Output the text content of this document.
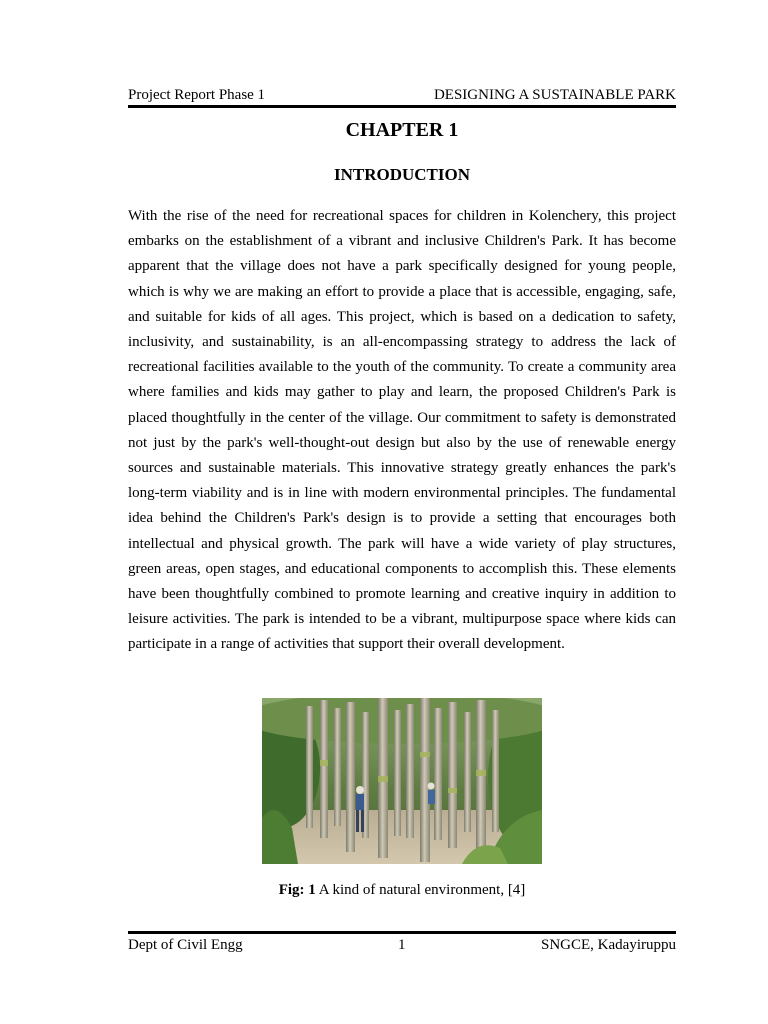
Project Report Phase 1	DESIGNING A SUSTAINABLE PARK
CHAPTER 1
INTRODUCTION
With the rise of the need for recreational spaces for children in Kolenchery, this project embarks on the establishment of a vibrant and inclusive Children's Park. It has become apparent that the village does not have a park specifically designed for young people, which is why we are making an effort to provide a place that is accessible, engaging, safe, and suitable for kids of all ages. This project, which is based on a dedication to safety, inclusivity, and sustainability, is an all-encompassing strategy to address the lack of recreational facilities available to the youth of the community. To create a community area where families and kids may gather to play and learn, the proposed Children's Park is placed thoughtfully in the center of the village. Our commitment to safety is demonstrated not just by the park's well-thought-out design but also by the use of renewable energy sources and sustainable materials. This innovative strategy greatly enhances the park's long-term viability and is in line with modern environmental principles. The fundamental idea behind the Children's Park's design is to provide a setting that encourages both intellectual and physical growth. The park will have a wide variety of play structures, green areas, open stages, and educational components to accomplish this. These elements have been thoughtfully combined to promote learning and creative inquiry in addition to leisure activities. The park is intended to be a vibrant, multipurpose space where kids can participate in a range of activities that support their overall development.
Fig: 1 A kind of natural environment, [4]
Dept of Civil Engg	1	SNGCE, Kadayiruppu
